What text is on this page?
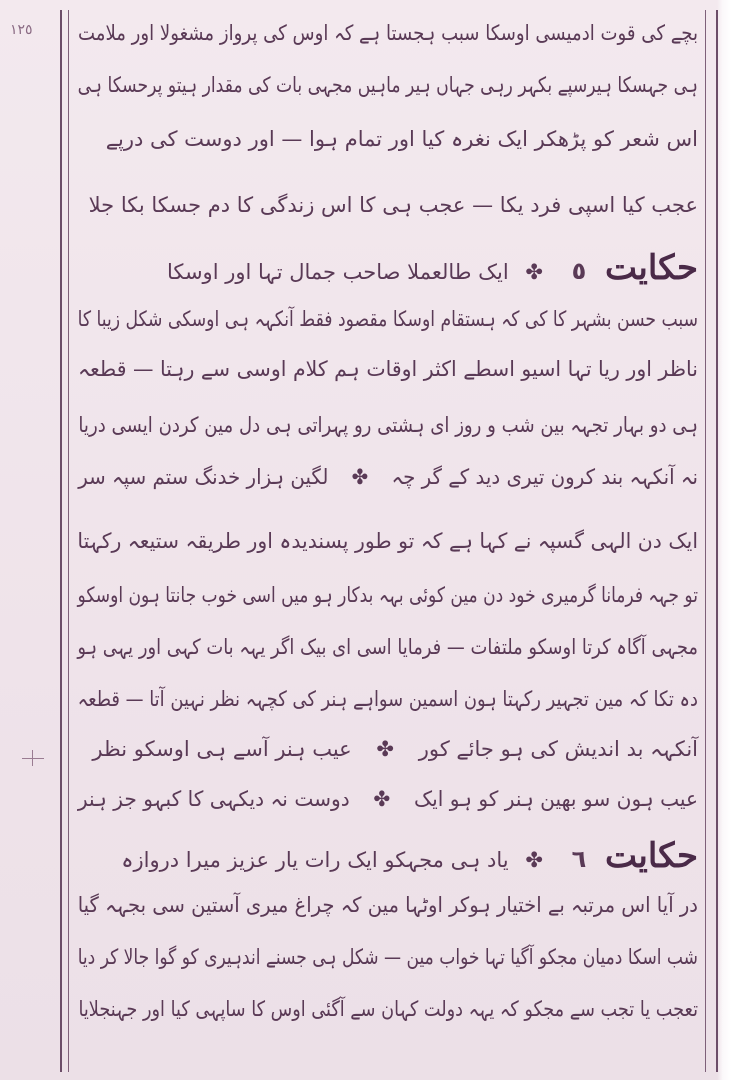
١٢٥ بچے کی قوت ادمیسی اوسکا سبب ہجستا ہے کہ اوس کی پرواز مشغولا اور ملامت
ہی جہسکا ہیرسپے بکہر رہی جہاں ہیر ماہیں مجہی بات کی مقدار ہیتو پرحسکا ہی
اس شعر کو پڑھکر ایک نغرہ کیا اور تمام ہوا — اور دوست کی درپے
عجب کیا اسپی فرد یکا — عجب ہی کا اس زندگی کا دم جسکا بکا جلا
حکایت ٥ ✤ ایک طالعملا صاحب جمال تہا اور اوسکا
سبب حسن بشہر کا کی کہ ہستقام اوسکا مقصود فقط آنکہہ ہی اوسکی شکل زیبا کا
ناظر اور ریا تہا اسیو اسطے اکثر اوقات ہم کلام اوسی سے رہتا — قطعہ
ہی دو بہار تجہہ بین شب و روز ای ہشتی رو پہراتی ہی دل مین کردن ایسی دریا
نہ آنکہہ بند کرون تیری دید کے گر چہ ✤ لگین ہزار خدنگ ستم سپہ سر
ایک دن الہی گسپہ نے کہا ہے کہ تو طور پسندیدہ اور طریقہ ستیعہ رکہتا
تو جہہ فرمانا گرمیری خود دن مین کوئی بہہ بدکار ہو میں اسی خوب جانتا ہون اوسکو
مجہی آگاہ کرتا اوسکو ملتفات — فرمایا اسی ای بیک اگر یہہ بات کہی اور یہی ہو
دہ تکا کہ مین تجہیر رکہتا ہون اسمین سواہے ہنر کی کچہہ نظر نہین آتا — قطعہ
آنکہہ بد اندیش کی ہو جائے کور ✤ عیب ہنر آسے ہی اوسکو نظر
عیب ہون سو بھین ہنر کو ہو ایک ✤ دوست نہ دیکہی کا کبہو جز ہنر
حکایت ٦ ✤ یاد ہی مجہکو ایک رات یار عزیز میرا دروازہ
در آیا اس مرتبہ بے اختیار ہوکر اوٹہا مین کہ چراغ میری آستین سی بجہہ گیا
شب اسکا دمیان مجکو آگیا تہا خواب مین — شکل ہی جسنے اندہیری کو گوا جالا کر دیا
تعجب یا تجب سے مجکو کہ یہہ دولت کہان سے آگئی اوس کا ساپہی کیا اور جہنجلایا
